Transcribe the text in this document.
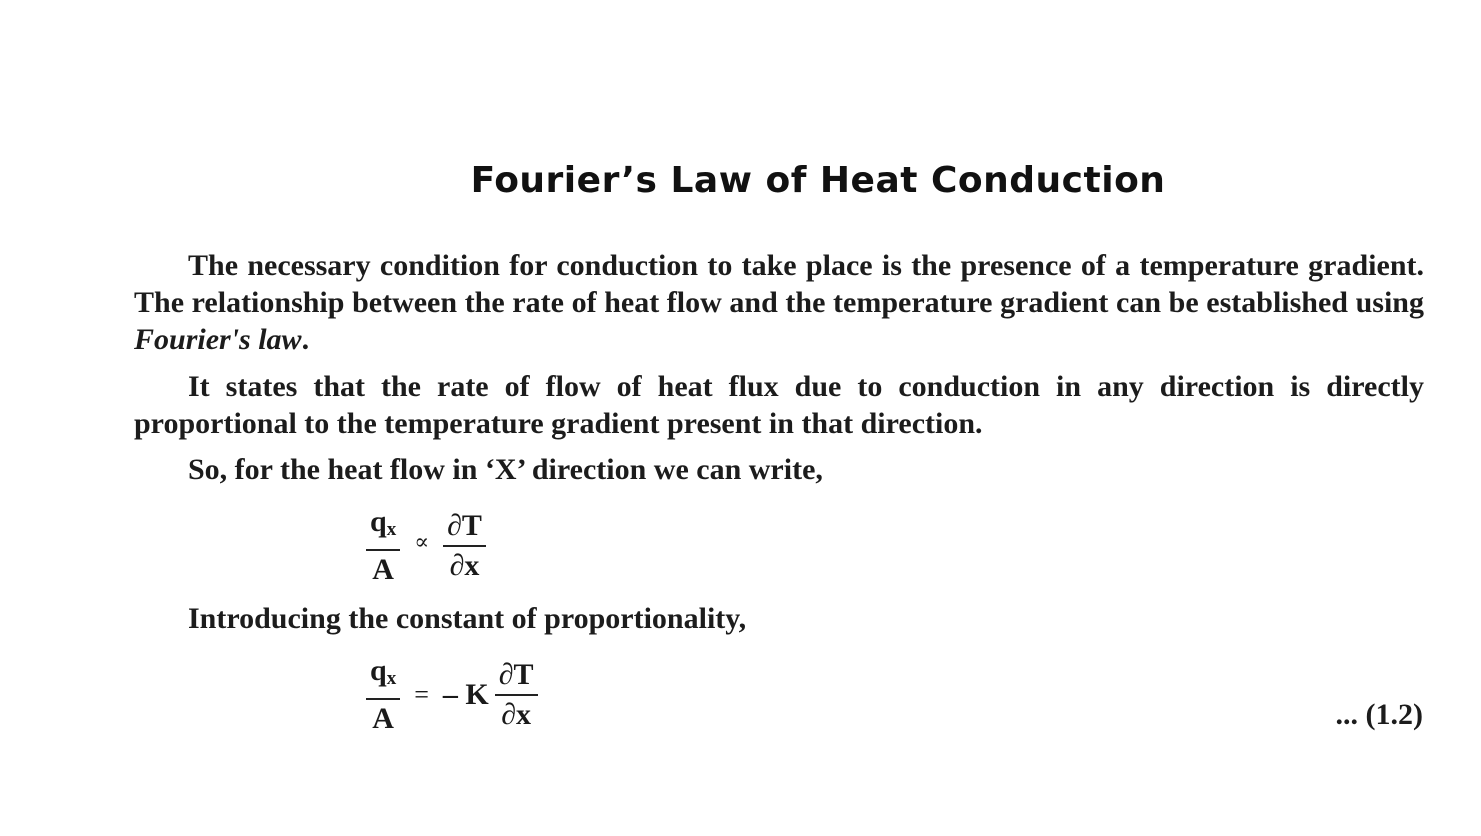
Fourier’s Law of Heat Conduction
The necessary condition for conduction to take place is the presence of a temperature gradient. The relationship between the rate of heat flow and the temperature gradient can be established using Fourier's law.
It states that the rate of flow of heat flux due to conduction in any direction is directly proportional to the temperature gradient present in that direction.
So, for the heat flow in ‘X’ direction we can write,
$\frac{q_x}{A} \propto \frac{\partial T}{\partial x}$
Introducing the constant of proportionality,
$\frac{q_x}{A}$ = – K $\frac{\partial T}{\partial x}$	... (1.2)
